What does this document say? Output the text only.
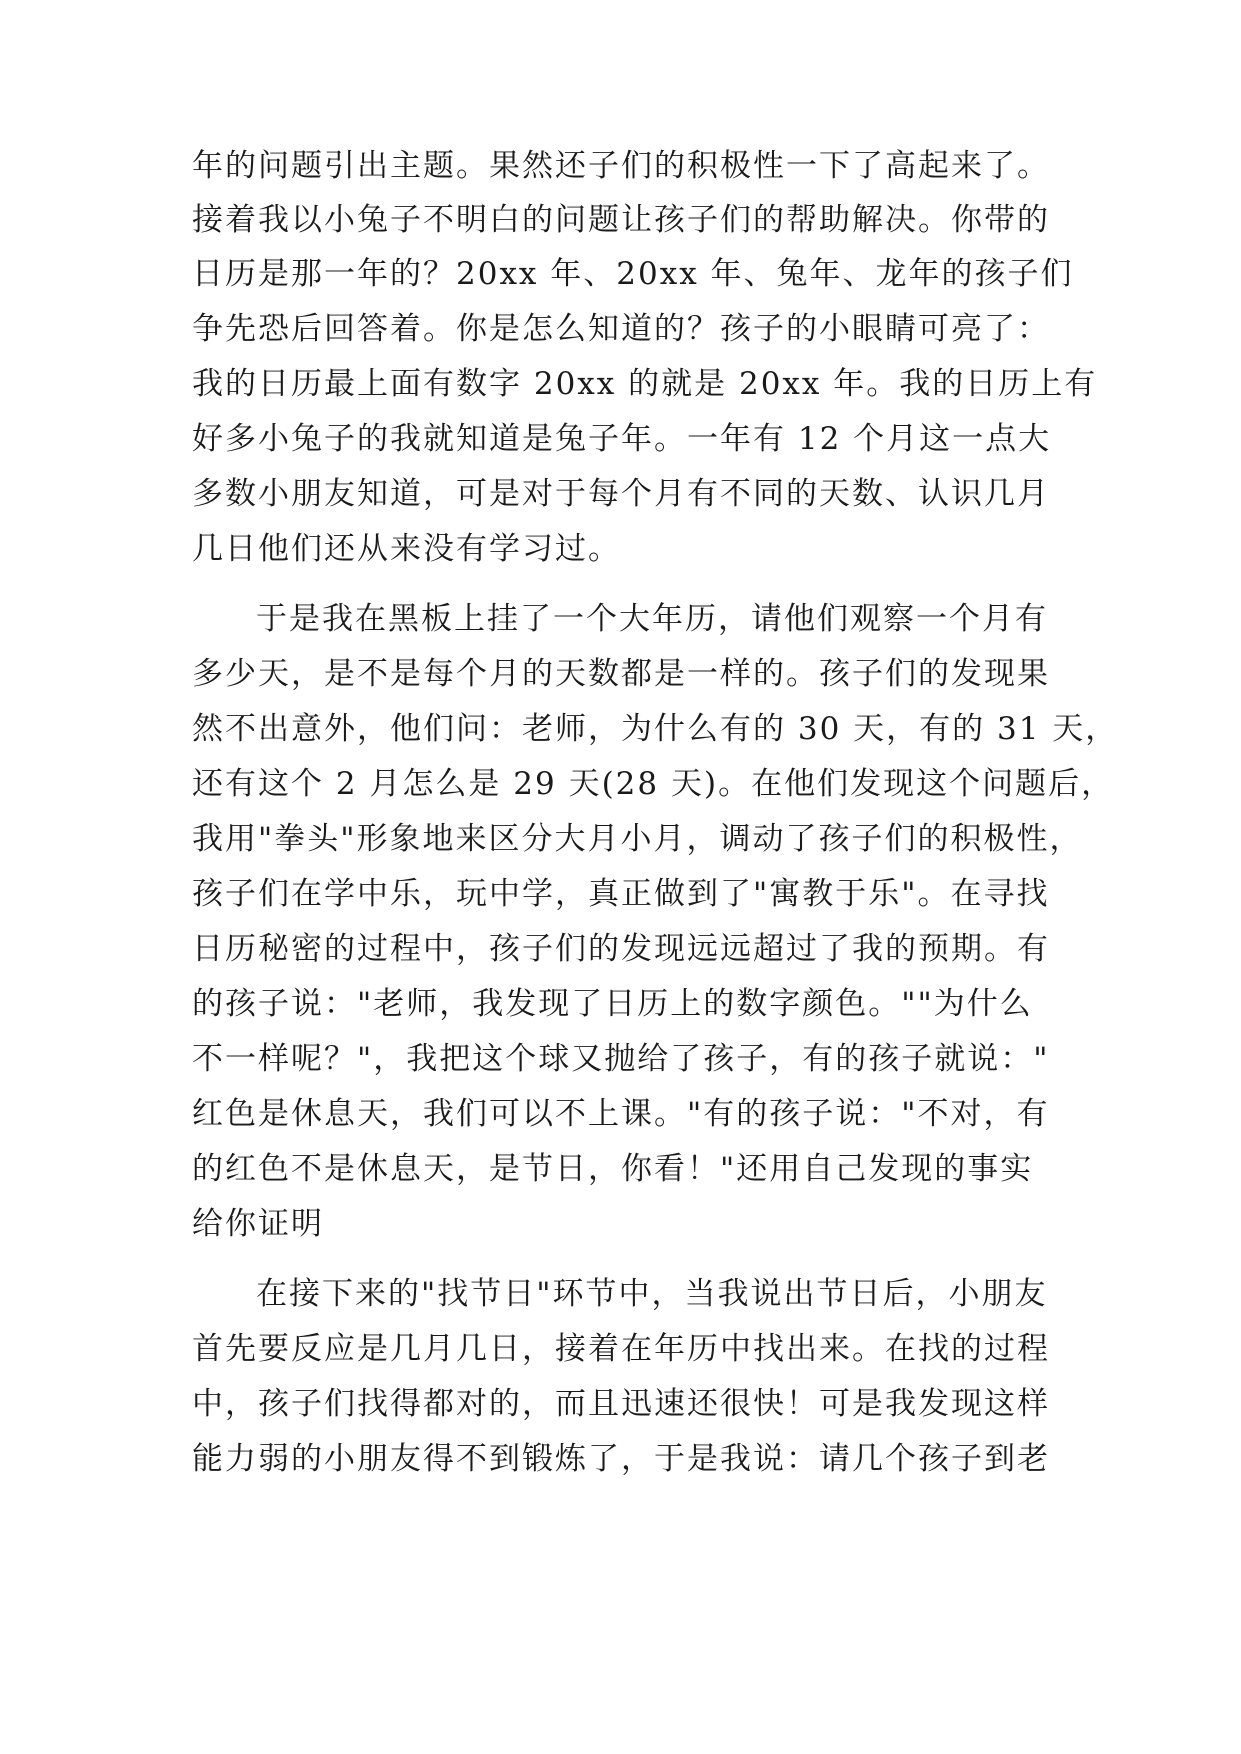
年的问题引出主题。果然还子们的积极性一下了高起来了。
接着我以小兔子不明白的问题让孩子们的帮助解决。你带的
日历是那一年的？20xx 年、20xx 年、兔年、龙年的孩子们
争先恐后回答着。你是怎么知道的？孩子的小眼睛可亮了：
我的日历最上面有数字 20xx 的就是 20xx 年。我的日历上有
好多小兔子的我就知道是兔子年。一年有 12 个月这一点大
多数小朋友知道，可是对于每个月有不同的天数、认识几月
几日他们还从来没有学习过。
于是我在黑板上挂了一个大年历，请他们观察一个月有
多少天，是不是每个月的天数都是一样的。孩子们的发现果
然不出意外，他们问：老师，为什么有的 30 天，有的 31 天，
还有这个 2 月怎么是 29 天(28 天)。在他们发现这个问题后，
我用"拳头"形象地来区分大月小月，调动了孩子们的积极性，
孩子们在学中乐，玩中学，真正做到了"寓教于乐"。在寻找
日历秘密的过程中，孩子们的发现远远超过了我的预期。有
的孩子说："老师，我发现了日历上的数字颜色。""为什么
不一样呢？"，我把这个球又抛给了孩子，有的孩子就说："
红色是休息天，我们可以不上课。"有的孩子说："不对，有
的红色不是休息天，是节日，你看！"还用自己发现的事实
给你证明
在接下来的"找节日"环节中，当我说出节日后，小朋友
首先要反应是几月几日，接着在年历中找出来。在找的过程
中，孩子们找得都对的，而且迅速还很快！可是我发现这样
能力弱的小朋友得不到锻炼了，于是我说：请几个孩子到老
